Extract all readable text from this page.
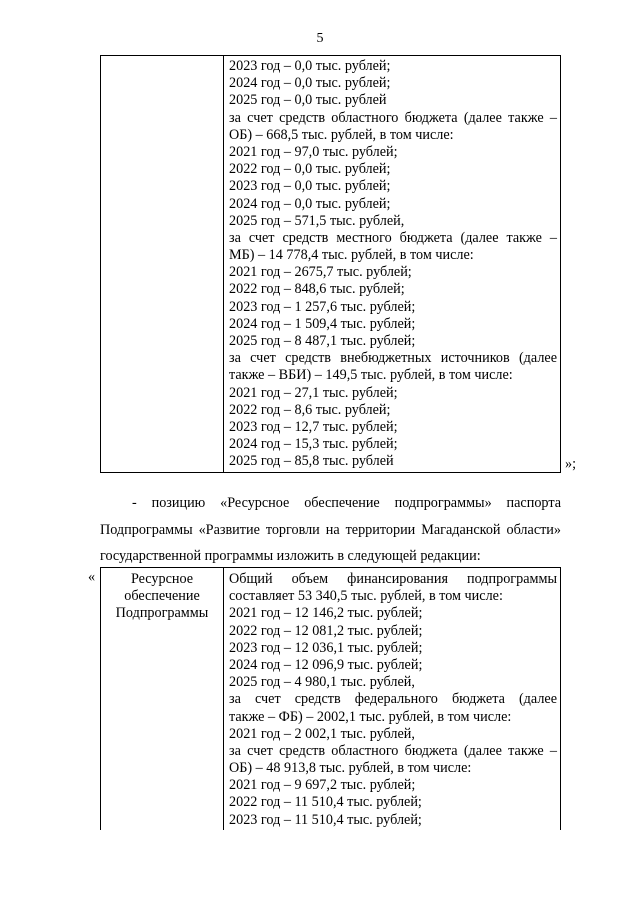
5

2023 год – 0,0 тыс. рублей;
2024 год – 0,0 тыс. рублей;
2025 год – 0,0 тыс. рублей
за счет средств областного бюджета (далее также –
ОБ) – 668,5 тыс. рублей, в том числе:
2021 год – 97,0 тыс. рублей;
2022 год – 0,0 тыс. рублей;
2023 год – 0,0 тыс. рублей;
2024 год – 0,0 тыс. рублей;
2025 год – 571,5 тыс. рублей,
за счет средств местного бюджета (далее также –
МБ) – 14 778,4 тыс. рублей, в том числе:
2021 год – 2675,7 тыс. рублей;
2022 год – 848,6 тыс. рублей;
2023 год – 1 257,6 тыс. рублей;
2024 год – 1 509,4 тыс. рублей;
2025 год – 8 487,1 тыс. рублей;
за счет средств внебюджетных источников (далее
также – ВБИ) – 149,5 тыс. рублей, в том числе:
2021 год – 27,1 тыс. рублей;
2022 год – 8,6 тыс. рублей;
2023 год – 12,7 тыс. рублей;
2024 год – 15,3 тыс. рублей;
2025 год – 85,8 тыс. рублей	»;
- позицию «Ресурсное обеспечение подпрограммы» паспорта
Подпрограммы «Развитие торговли на территории Магаданской области»
государственной программы изложить в следующей редакции:
«	Ресурсное
обеспечение
Подпрограммы

Общий объем финансирования подпрограммы
составляет 53 340,5 тыс. рублей, в том числе:
2021 год – 12 146,2 тыс. рублей;
2022 год – 12 081,2 тыс. рублей;
2023 год – 12 036,1 тыс. рублей;
2024 год – 12 096,9 тыс. рублей;
2025 год – 4 980,1 тыс. рублей,
за счет средств федерального бюджета (далее
также – ФБ) – 2002,1 тыс. рублей, в том числе:
2021 год – 2 002,1 тыс. рублей,
за счет средств областного бюджета (далее также –
ОБ) – 48 913,8 тыс. рублей, в том числе:
2021 год – 9 697,2 тыс. рублей;
2022 год – 11 510,4 тыс. рублей;
2023 год – 11 510,4 тыс. рублей;
